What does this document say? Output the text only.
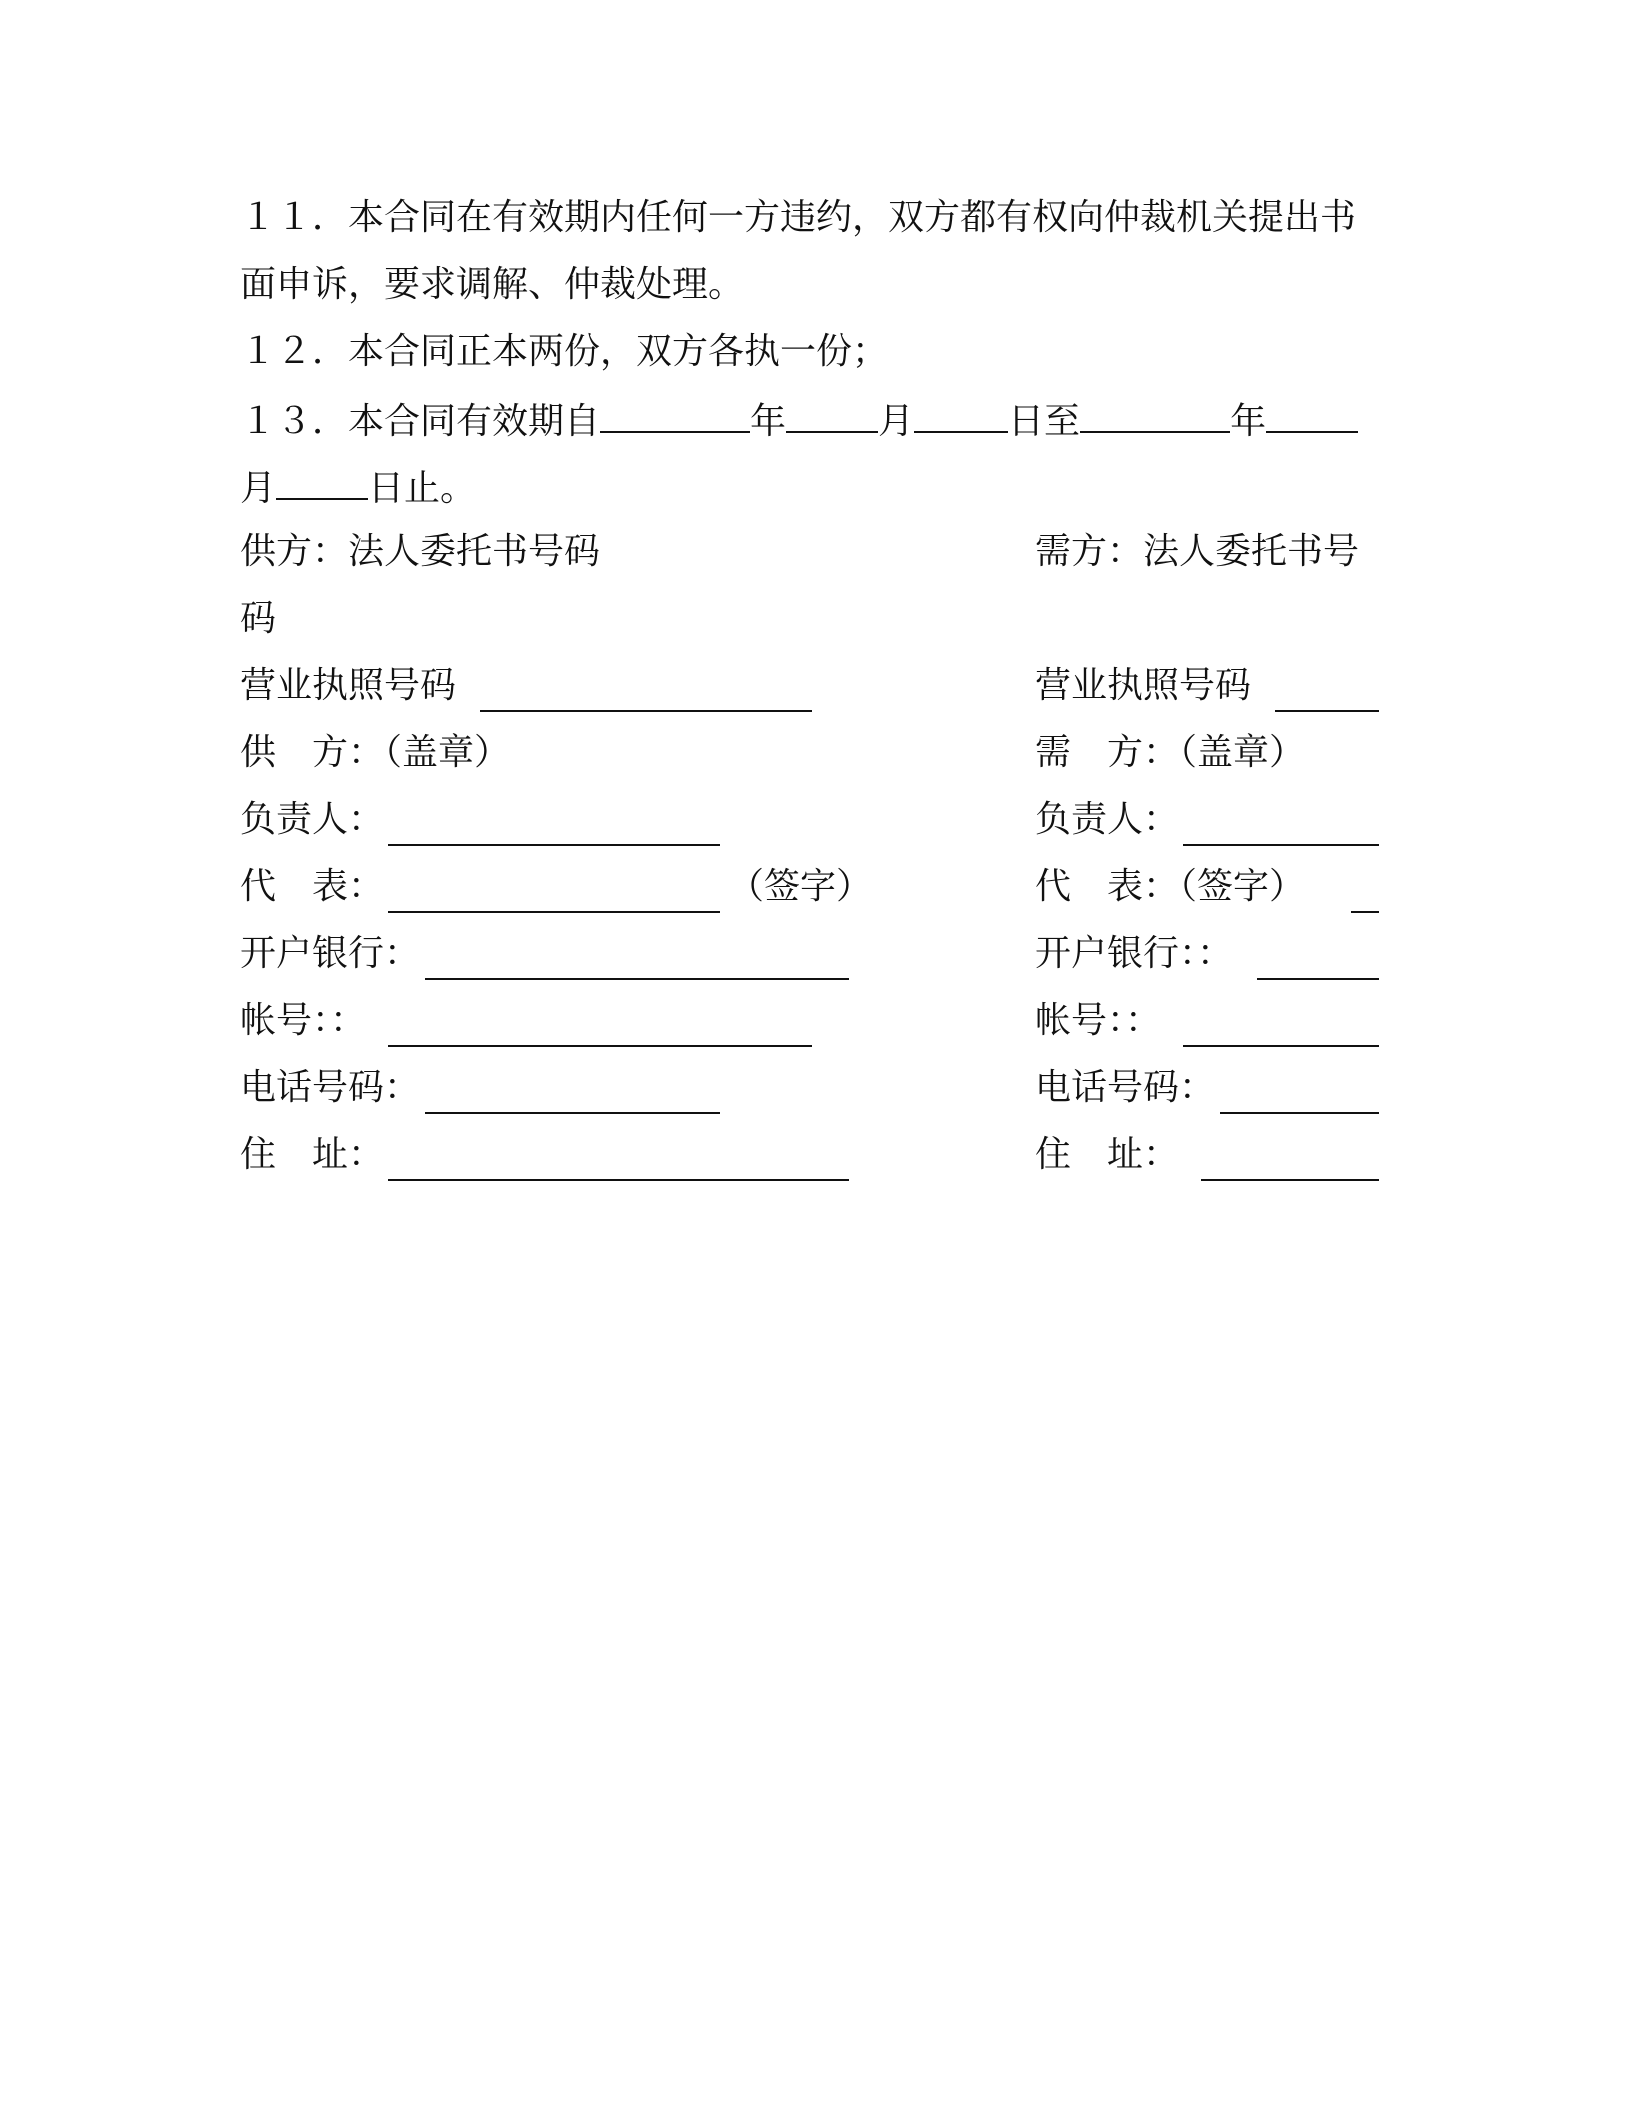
１１．本合同在有效期内任何一方违约，双方都有权向仲裁机关提出书
面申诉，要求调解、仲裁处理。
１２．本合同正本两份，双方各执一份；
１３．本合同有效期自	年	月	日至	年
月	日止。
供方：法人委托书号码	需方：法人委托书号
码
营业执照号码	营业执照号码
供　方：（盖章）	需　方：（盖章）
负责人：	负责人：
代　表：	（签字）	代　表：（签字）
开户银行：	开户银行：：
帐号：：	帐号：：
电话号码：	电话号码：
住　址：	住　址：
